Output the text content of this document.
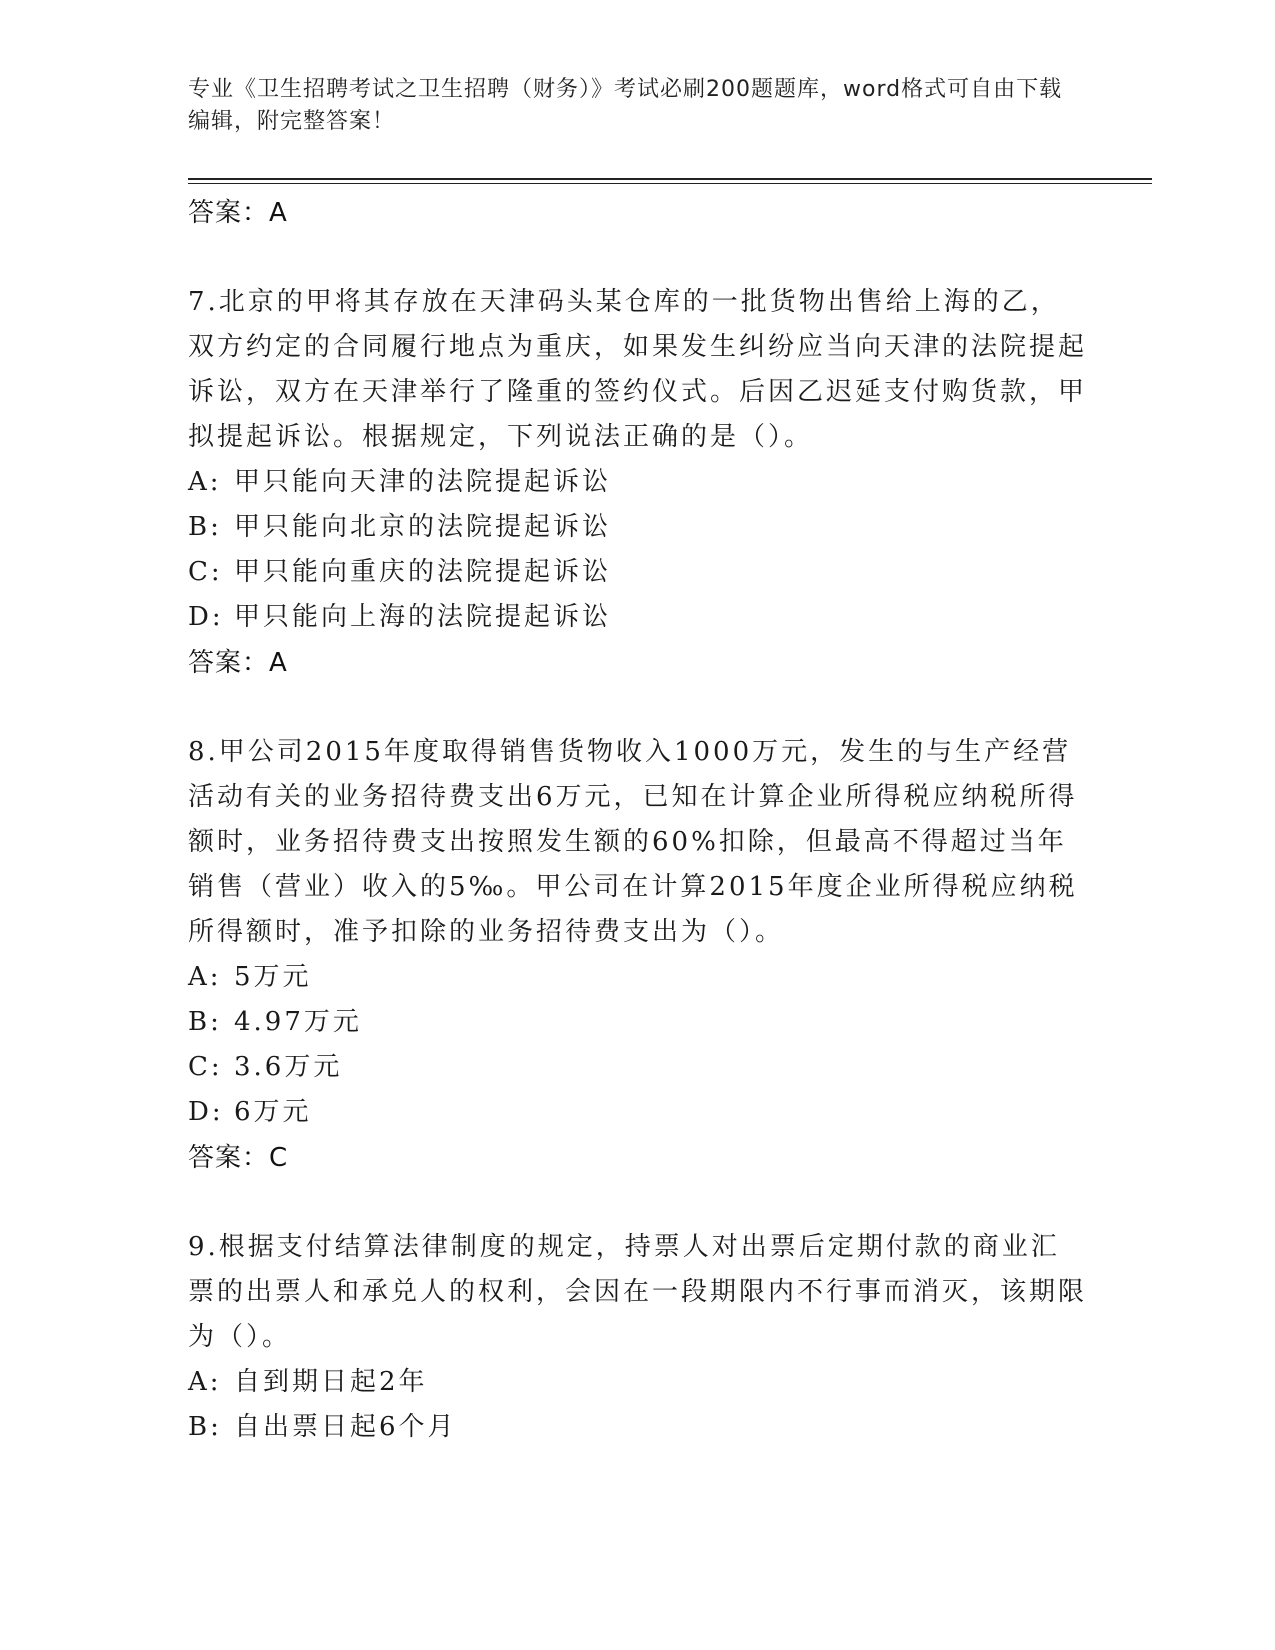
专业《卫生招聘考试之卫生招聘（财务）》考试必刷200题题库，word格式可自由下载编辑，附完整答案！
答案：A

7.北京的甲将其存放在天津码头某仓库的一批货物出售给上海的乙，双方约定的合同履行地点为重庆，如果发生纠纷应当向天津的法院提起诉讼，双方在天津举行了隆重的签约仪式。后因乙迟延支付购货款，甲拟提起诉讼。根据规定，下列说法正确的是（）。

A: 甲只能向天津的法院提起诉讼
B: 甲只能向北京的法院提起诉讼
C: 甲只能向重庆的法院提起诉讼
D: 甲只能向上海的法院提起诉讼
答案：A

8.甲公司2015年度取得销售货物收入1000万元，发生的与生产经营活动有关的业务招待费支出6万元，已知在计算企业所得税应纳税所得额时，业务招待费支出按照发生额的60%扣除，但最高不得超过当年销售（营业）收入的5‰。甲公司在计算2015年度企业所得税应纳税所得额时，准予扣除的业务招待费支出为（）。

A: 5万元
B: 4.97万元
C: 3.6万元
D: 6万元
答案：C

9.根据支付结算法律制度的规定，持票人对出票后定期付款的商业汇票的出票人和承兑人的权利，会因在一段期限内不行事而消灭，该期限为（）。

A: 自到期日起2年
B: 自出票日起6个月
